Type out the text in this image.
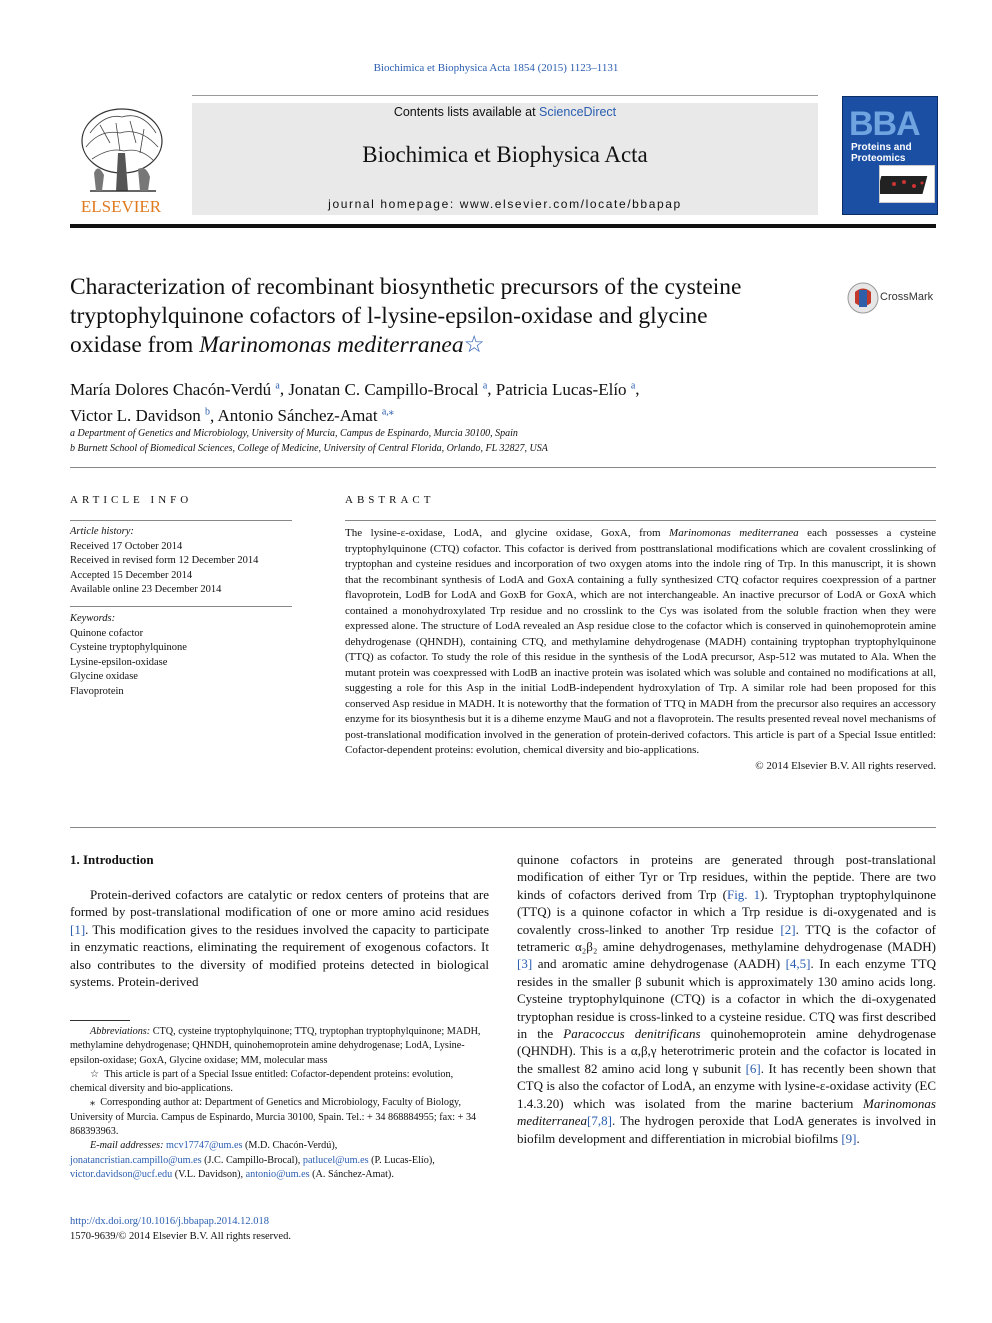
Biochimica et Biophysica Acta 1854 (2015) 1123–1131
ELSEVIER
Contents lists available at ScienceDirect
Biochimica et Biophysica Acta
journal homepage: www.elsevier.com/locate/bbapap
BBA
Proteins and
Proteomics
Characterization of recombinant biosynthetic precursors of the cysteine
tryptophylquinone cofactors of l-lysine-epsilon-oxidase and glycine
oxidase from Marinomonas mediterranea☆
CrossMark
María Dolores Chacón-Verdú $^a$, Jonatan C. Campillo-Brocal $^a$, Patricia Lucas-Elío $^a$,
Victor L. Davidson $^b$, Antonio Sánchez-Amat $^{a,⁎}$
a Department of Genetics and Microbiology, University of Murcia, Campus de Espinardo, Murcia 30100, Spain
b Burnett School of Biomedical Sciences, College of Medicine, University of Central Florida, Orlando, FL 32827, USA
ARTICLE INFO
Article history:
Received 17 October 2014
Received in revised form 12 December 2014
Accepted 15 December 2014
Available online 23 December 2014
Keywords:
Quinone cofactor
Cysteine tryptophylquinone
Lysine-epsilon-oxidase
Glycine oxidase
Flavoprotein
ABSTRACT

The lysine-ε-oxidase, LodA, and glycine oxidase, GoxA, from Marinomonas mediterranea each possesses a cysteine tryptophylquinone (CTQ) cofactor. This cofactor is derived from posttranslational modifications which are covalent crosslinking of tryptophan and cysteine residues and incorporation of two oxygen atoms into the indole ring of Trp. In this manuscript, it is shown that the recombinant synthesis of LodA and GoxA containing a fully synthesized CTQ cofactor requires coexpression of a partner flavoprotein, LodB for LodA and GoxB for GoxA, which are not interchangeable. An inactive precursor of LodA or GoxA which contained a monohydroxylated Trp residue and no crosslink to the Cys was isolated from the soluble fraction when they were expressed alone. The structure of LodA revealed an Asp residue close to the cofactor which is conserved in quinohemoprotein amine dehydrogenase (QHNDH), containing CTQ, and methylamine dehydrogenase (MADH) containing tryptophan tryptophylquinone (TTQ) as cofactor. To study the role of this residue in the synthesis of the LodA precursor, Asp-512 was mutated to Ala. When the mutant protein was coexpressed with LodB an inactive protein was isolated which was soluble and contained no modifications at all, suggesting a role for this Asp in the initial LodB-independent hydroxylation of Trp. A similar role had been proposed for this conserved Asp residue in MADH. It is noteworthy that the formation of TTQ in MADH from the precursor also requires an accessory enzyme for its biosynthesis but it is a diheme enzyme MauG and not a flavoprotein. The results presented reveal novel mechanisms of post-translational modification involved in the generation of protein-derived cofactors. This article is part of a Special Issue entitled: Cofactor-dependent proteins: evolution, chemical diversity and bio-applications.

© 2014 Elsevier B.V. All rights reserved.

1. Introduction

Protein-derived cofactors are catalytic or redox centers of proteins that are formed by post-translational modification of one or more amino acid residues [1]. This modification gives to the residues involved the capacity to participate in enzymatic reactions, eliminating the requirement of exogenous cofactors. It also contributes to the diversity of modified proteins detected in biological systems. Protein-derived

quinone cofactors in proteins are generated through post-translational modification of either Tyr or Trp residues, within the peptide. There are two kinds of cofactors derived from Trp (Fig. 1). Tryptophan tryptophylquinone (TTQ) is a quinone cofactor in which a Trp residue is di-oxygenated and is covalently cross-linked to another Trp residue [2]. TTQ is the cofactor of tetrameric α₂β₂ amine dehydrogenases, methylamine dehydrogenase (MADH) [3] and aromatic amine dehydrogenase (AADH) [4,5]. In each enzyme TTQ resides in the smaller β subunit which is approximately 130 amino acids long. Cysteine tryptophylquinone (CTQ) is a cofactor in which the di-oxygenated tryptophan residue is cross-linked to a cysteine residue. CTQ was first described in the Paracoccus denitrificans quinohemoprotein amine dehydrogenase (QHNDH). This is a α,β,γ heterotrimeric protein and the cofactor is located in the smallest 82 amino acid long γ subunit [6]. It has recently been shown that CTQ is also the cofactor of LodA, an enzyme with lysine-ε-oxidase activity (EC 1.4.3.20) which was isolated from the marine bacterium Marinomonas mediterranea[7,8]. The hydrogen peroxide that LodA generates is involved in biofilm development and differentiation in microbial biofilms [9].

Abbreviations: CTQ, cysteine tryptophylquinone; TTQ, tryptophan tryptophylquinone; MADH, methylamine dehydrogenase; QHNDH, quinohemoprotein amine dehydrogenase; LodA, Lysine-epsilon-oxidase; GoxA, Glycine oxidase; MM, molecular mass

☆ This article is part of a Special Issue entitled: Cofactor-dependent proteins: evolution, chemical diversity and bio-applications.

⁎ Corresponding author at: Department of Genetics and Microbiology, Faculty of Biology, University of Murcia. Campus de Espinardo, Murcia 30100, Spain. Tel.: + 34 868884955; fax: + 34 868393963.

E-mail addresses: mcv17747@um.es (M.D. Chacón-Verdú),
jonatancristian.campillo@um.es (J.C. Campillo-Brocal), patlucel@um.es (P. Lucas-Elío),
victor.davidson@ucf.edu (V.L. Davidson), antonio@um.es (A. Sánchez-Amat).

http://dx.doi.org/10.1016/j.bbapap.2014.12.018
1570-9639/© 2014 Elsevier B.V. All rights reserved.
